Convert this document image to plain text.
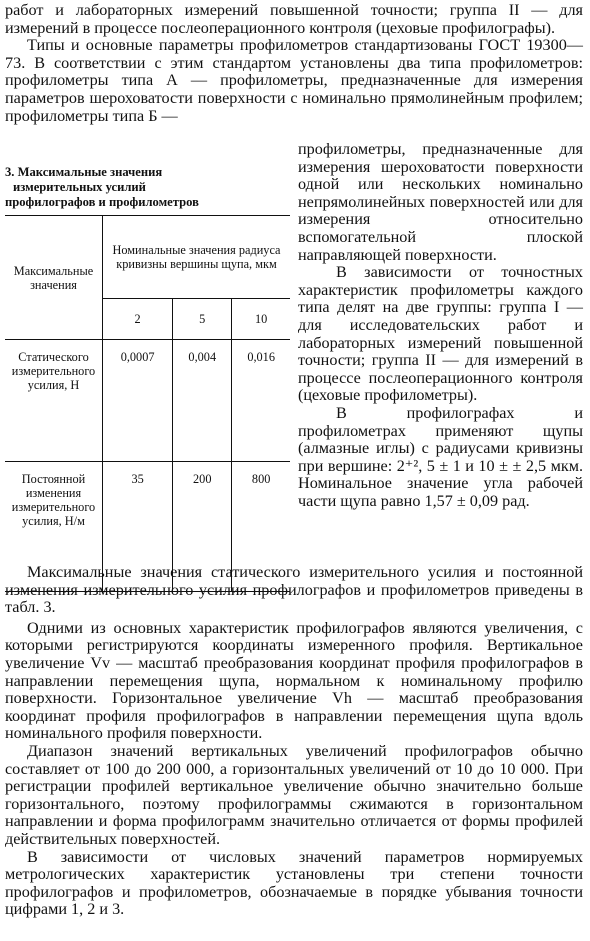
работ и лабораторных измерений повышенной точности; группа II — для измерений в процессе послеоперационного контроля (цеховые профилографы).

Типы и основные параметры профилометров стандартизованы ГОСТ 19300—73. В соответствии с этим стандартом установлены два типа профилометров: профилометры типа А — профилометры, предназначенные для измерения параметров шероховатости поверхности с номинально прямолинейным профилем; профилометры типа Б —

3. Максимальные значения
измерительных усилий
профилографов и профилометров
Максимальные значения	Номинальные значения радиуса кривизны вершины щупа, мкм		
	2	5	10
Статического измерительного усилия, Н	0,0007	0,004	0,016
Постоянной изменения измерительного усилия, Н/м	35	200	800

профилометры, предназначенные для измерения шероховатости поверхности одной или нескольких номинально непрямолинейных поверхностей или для измерения относительно вспомогательной плоской направляющей поверхности.

В зависимости от точностных характеристик профилометры каждого типа делят на две группы: группа I — для исследовательских работ и лабораторных измерений повышенной точности; группа II — для измерений в процессе послеоперационного контроля (цеховые профилометры).

В профилографах и профилометрах применяют щупы (алмазные иглы) с радиусами кривизны при вершине: 2⁺², 5 ± 1 и 10 ± ± 2,5 мкм. Номинальное значение угла рабочей части щупа равно 1,57 ± 0,09 рад.

Максимальные значения статического измерительного усилия и постоянной изменения измерительного усилия профилографов и профилометров приведены в табл. 3.

Одними из основных характеристик профилографов являются увеличения, с которыми регистрируются координаты измеренного профиля. Вертикальное увеличение Vv — масштаб преобразования координат профиля профилографов в направлении перемещения щупа, нормальном к номинальному профилю поверхности. Горизонтальное увеличение Vh — масштаб преобразования координат профиля профилографов в направлении перемещения щупа вдоль номинального профиля поверхности.

Диапазон значений вертикальных увеличений профилографов обычно составляет от 100 до 200 000, а горизонтальных увеличений от 10 до 10 000. При регистрации профилей вертикальное увеличение обычно значительно больше горизонтального, поэтому профилограммы сжимаются в горизонтальном направлении и форма профилограмм значительно отличается от формы профилей действительных поверхностей.

В зависимости от числовых значений параметров нормируемых метрологических характеристик установлены три степени точности профилографов и профилометров, обозначаемые в порядке убывания точности цифрами 1, 2 и 3.
